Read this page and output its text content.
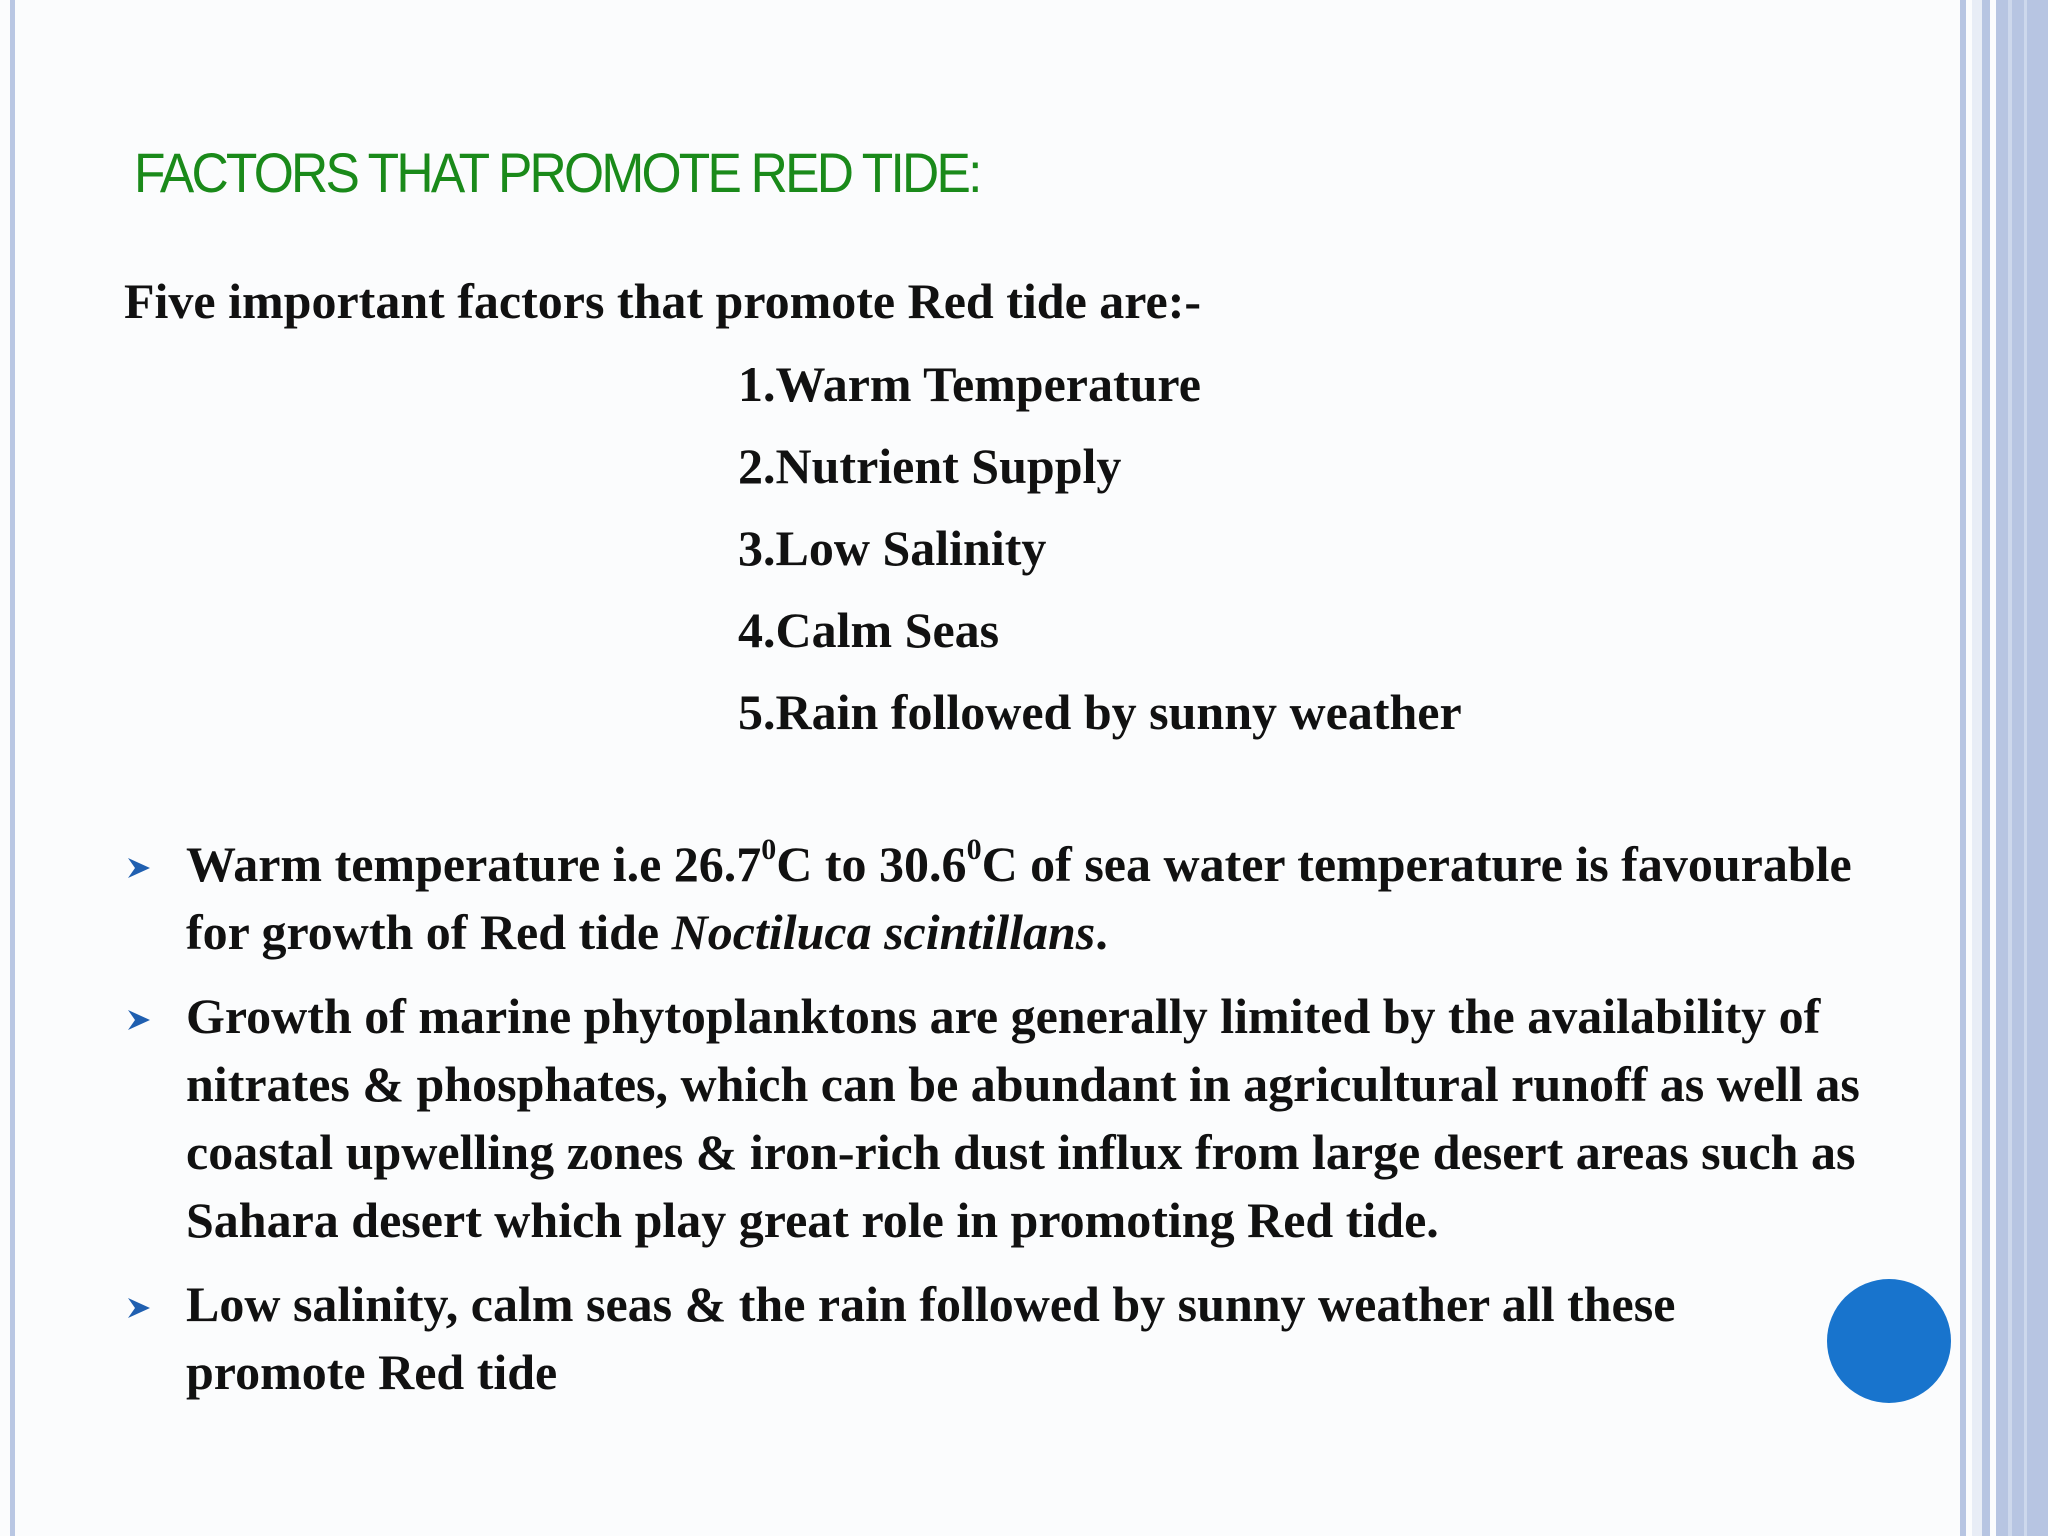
FACTORS THAT PROMOTE RED TIDE:
Five important factors that promote Red tide are:-
1.Warm Temperature
2.Nutrient Supply
3.Low Salinity
4.Calm Seas
5.Rain followed by sunny weather
Warm temperature i.e 26.7$^0$C to 30.6$^0$C of sea water temperature is favourable for growth of Red tide Noctiluca scintillans.
Growth of marine phytoplanktons are generally limited by the availability of nitrates & phosphates, which can be abundant in agricultural runoff as well as coastal upwelling zones & iron-rich dust influx from large desert areas such as Sahara desert which play great role in promoting Red tide.
Low salinity, calm seas & the rain followed by sunny weather all these promote Red tide
